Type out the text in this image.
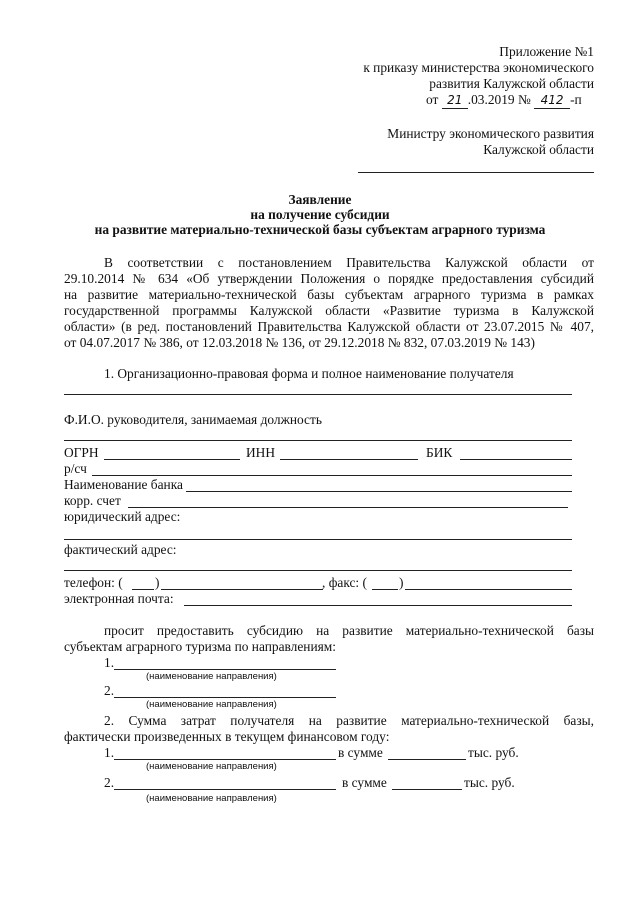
Приложение №1
к приказу министерства экономического
развития Калужской области
от 21 .03.2019 № 412 -п
Министру экономического развития
Калужской области
Заявление
на получение субсидии
на развитие материально-технической базы субъектам аграрного туризма
В соответствии с постановлением Правительства Калужской области от
29.10.2014 № 634 «Об утверждении Положения о порядке предоставления субсидий
на развитие материально-технической базы субъектам аграрного туризма в рамках
государственной программы Калужской области «Развитие туризма в Калужской
области» (в ред. постановлений Правительства Калужской области от 23.07.2015 № 407,
от 04.07.2017 № 386, от 12.03.2018 № 136, от 29.12.2018 № 832, 07.03.2019 № 143)
1. Организационно-правовая форма и полное наименование получателя
Ф.И.О. руководителя, занимаемая должность
ОГРН	ИНН	БИК
р/сч
Наименование банка
корр. счет
юридический адрес:
фактический адрес:
телефон: ( )	, факс: ( )
электронная почта:
просит предоставить субсидию на развитие материально-технической базы
субъектам аграрного туризма по направлениям:
1.
(наименование направления)
2.
(наименование направления)
2. Сумма затрат получателя на развитие материально-технической базы,
фактически произведенных в текущем финансовом году:
1.	в сумме	тыс. руб.
(наименование направления)
2.	в сумме	тыс. руб.
(наименование направления)
